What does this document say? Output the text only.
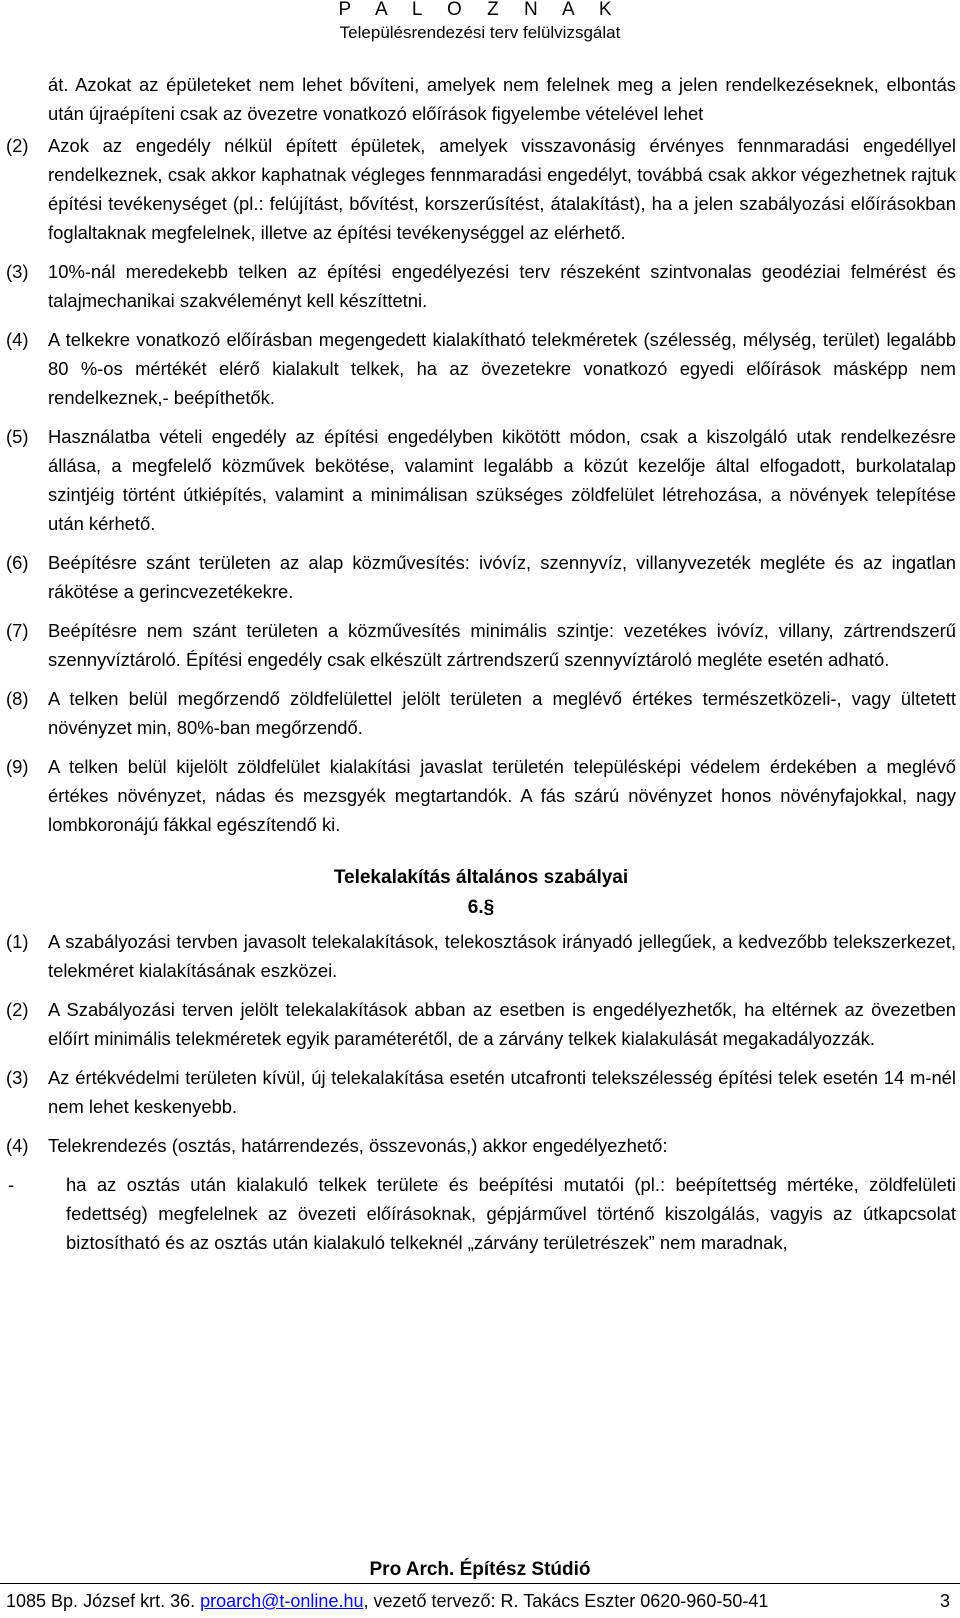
P A L O Z N A K
Településrendezési terv felülvizsgálat
át. Azokat az épületeket nem lehet bővíteni, amelyek nem felelnek meg a jelen rendelkezéseknek, elbontás után újraépíteni csak az övezetre vonatkozó előírások figyelembe vételével lehet
(2)	Azok az engedély nélkül épített épületek, amelyek visszavonásig érvényes fennmaradási engedéllyel rendelkeznek, csak akkor kaphatnak végleges fennmaradási engedélyt, továbbá csak akkor végezhetnek rajtuk építési tevékenységet (pl.: felújítást, bővítést, korszerűsítést, átalakítást), ha a jelen szabályozási előírásokban foglaltaknak megfelelnek, illetve az építési tevékenységgel az elérhető.
(3)	10%-nál meredekebb telken az építési engedélyezési terv részeként szintvonalas geodéziai felmérést és talajmechanikai szakvéleményt kell készíttetni.
(4)	A telkekre vonatkozó előírásban megengedett kialakítható telekméretek (szélesség, mélység, terület) legalább 80 %-os mértékét elérő kialakult telkek, ha az övezetekre vonatkozó egyedi előírások másképp nem rendelkeznek,- beépíthetők.
(5)	Használatba vételi engedély az építési engedélyben kikötött módon, csak a kiszolgáló utak rendelkezésre állása, a megfelelő közművek bekötése, valamint legalább a közút kezelője által elfogadott, burkolatalap szintjéig történt útkiépítés, valamint a minimálisan szükséges zöldfelület létrehozása, a növények telepítése után kérhető.
(6)	Beépítésre szánt területen az alap közművesítés: ivóvíz, szennyvíz, villanyvezeték megléte és az ingatlan rákötése a gerincvezetékekre.
(7)	Beépítésre nem szánt területen a közművesítés minimális szintje: vezetékes ivóvíz, villany, zártrendszerű szennyvíztároló. Építési engedély csak elkészült zártrendszerű szennyvíztároló megléte esetén adható.
(8)	A telken belül megőrzendő zöldfelülettel jelölt területen a meglévő értékes természetközeli-, vagy ültetett növényzet min, 80%-ban megőrzendő.
(9)	A telken belül kijelölt zöldfelület kialakítási javaslat területén településképi védelem érdekében a meglévő értékes növényzet, nádas és mezsgyék megtartandók. A fás szárú növényzet honos növényfajokkal, nagy lombkoronájú fákkal egészítendő ki.
Telekalakítás általános szabályai
6.§
(1)	A szabályozási tervben javasolt telekalakítások, telekosztások irányadó jellegűek, a kedvezőbb telekszerkezet, telekméret kialakításának eszközei.
(2)	A Szabályozási terven jelölt telekalakítások abban az esetben is engedélyezhetők, ha eltérnek az övezetben előírt minimális telekméretek egyik paraméterétől, de a zárvány telkek kialakulását megakadályozzák.
(3)	Az értékvédelmi területen kívül, új telekalakítása esetén utcafronti telekszélesség építési telek esetén 14 m-nél nem lehet keskenyebb.
(4)	Telekrendezés (osztás, határrendezés, összevonás,) akkor engedélyezhető:
-	ha az osztás után kialakuló telkek területe és beépítési mutatói (pl.: beépítettség mértéke, zöldfelületi fedettség) megfelelnek az övezeti előírásoknak, gépjárművel történő kiszolgálás, vagyis az útkapcsolat biztosítható és az osztás után kialakuló telkeknél „zárvány területrészek” nem maradnak,
Pro Arch. Építész Stúdió
1085 Bp. József krt. 36. proarch@t-online.hu, vezető tervező: R. Takács Eszter 0620-960-50-41	3
